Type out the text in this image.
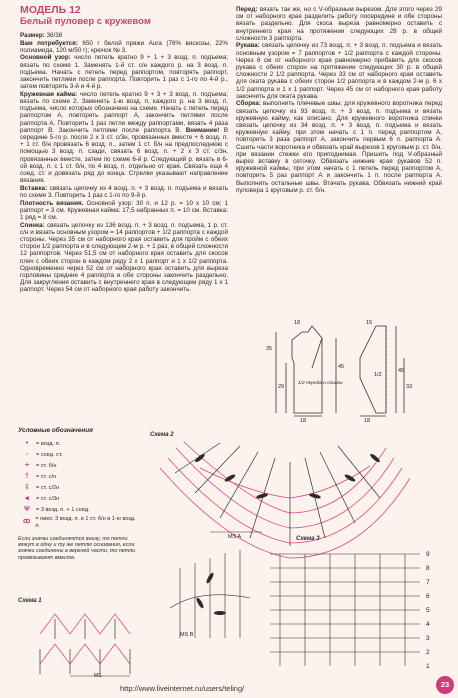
МОДЕЛЬ 12
Белый пуловер с кружевом

Размер: 36/38

Вам потребуется: 650 г белой пряжи Aura (78% вискозы, 22% полиамида, 120 м/50 г); крючок № 3.

Основной узор: число петель кратно 9 + 1 + 3 возд. п. подъема; вязать по схеме 1. Заменять 1-й ст. с/н каждого р. на 3 возд. п. подъема. Начать с петель перед раппортом, повторять раппорт, закончить петлями после раппорта. Повторить 1 раз с 1-го по 4-й р., затем повторять 3-й и 4-й р.

Кружевная кайма: число петель кратно 9 + 3 + 3 возд. п. подъема; вязать по схеме 2. Заменять 1-ю возд. п. каждого р. на 3 возд. п. подъема, число которых обозначено на схеме. Начать с петель перед раппортом А, повторять раппорт А, закончить петлями после раппорта А. Повторить 1 раз петли между раппортами, вязать 4 раза раппорт В. Закончить петлями после раппорта В. Внимание! В середине 5-го р. после 2 х 3 ст. с/3н, провязанных вместе + 6 возд. п. + 1 ст. б/н провязать 6 возд. п., затем 1 ст. б/н на предпоследнюю с помощью 3 возд. п. сзади, связать 6 возд. п. + 2 х 3 ст. с/3н, провязанных вместе, затем по схеме 6-й р. Следующий р. вязать в 6-ой возд. п. с 1 ст. б/н, по 4 возд. п. отдельно от края. Связать еще 4 соед. ст. и довязать ряд до конца. Стрелки указывают направление вязания.

Вставка: связать цепочку из 4 возд. п. + 3 возд. п. подъема и вязать по схеме 3. Повторить 1 раз с 1-го по 9-й р.

Плотность вязания. Основной узор: 30 п. и 12 р. = 10 х 10 см; 1 раппорт = 3 см. Кружевная кайма: 17,5 набранных п. = 10 см. Вставка: 1 ряд = 8 см.

Спинка: связать цепочку из 136 возд. п. + 3 возд. п. подъема, 1 р. ст. с/н и вязать основным узором = 14 раппортов + 1/2 раппорта с каждой стороны. Через 35 см от наборного края оставить для пройм с обеих сторон 1/2 раппорта и в следующем 2-м р. + 1 раз, в общей сложности 12 раппортов. Через 51,5 см от наборного края оставить для скосов плеч с обеих сторон в каждом ряду 2 х 1 раппорт и 1 х 1/2 раппорта. Одновременно через 52 см от наборного края оставить для выреза горловины средние 4 раппорта и обе стороны закончить раздельно. Для закругления оставить с внутреннего края в следующем ряду 1 х 1 раппорт. Через 54 см от наборного края работу закончить.

Перед: вязать так же, но с V-образным вырезом. Для этого через 29 см от наборного края разделить работу посередине и обе стороны вязать раздельно. Для скоса выреза равномерно оставить с внутреннего края на протяжении следующих 28 р. в общей сложности 3 раппорта.

Рукава: связать цепочку из 73 возд. п. + 3 возд. п. подъема и вязать основным узором = 7 раппортов + 1/2 раппорта с каждой стороны. Через 6 см от наборного края равномерно прибавить для скосов рукава с обеих сторон на протяжении следующих 30 р. в общей сложности 2 1/2 раппорта. Через 33 см от наборного края оставить для оката рукава с обеих сторон 1/2 раппорта и в каждом 2-м р. 6 х 1/2 раппорта и 1 х 1 раппорт. Через 45 см от наборного края работу закончить для оката рукава.

Сборка: выполнить плечевые швы; для кружевного воротника перед связать цепочку из 93 возд. п. + 3 возд. п. подъема и вязать кружевную кайму, как описано. Для кружевного воротника спинки связать цепочку из 34 возд. п. + 3 возд. п. подъема и вязать кружевную кайму, при этом начать с 1 п. перед раппортом А, повторить 3 раза раппорт А, закончить первым 6 п. раппорта А. Сшить части воротника и обвязать край вырезов 1 круговым р. ст. б/н, при вязании стежки его приподнимая. Пришить под V-образный вырез вставку в сеточку. Обвязать нижние края рукавов 52 п. кружевной каймы, при этом начать с 1 петель перед раппортом А, повторить 5 раз раппорт А и закончить 1 п. после раппорта А. Выполнить остальные швы. Втачать рукава. Обвязать нижний край пуловера 1 круговым р. ст. б/н.

18
35
29
18
45
15
45
33
18
1/2
1/2 переда и спинки
Условные обозначения
•	= возд. п.
◦	= соед. ст.
+	= ст. б/н
†	= ст. с/н
‡	= ст. с/2н
⫷	= ст. с/3н
Ψ	= 3 возд. п. + 1 соед.
ꝏ = пико: 3 возд. п. и 1 ст. б/н в 1-ю возд. п.
Если значки соединяются внизу, то петли вяжут в одну и ту же петлю основания, если значки соединены в верхней части, то петли провязывают вместе.
Схема 2
MS A
MS B
Схема 3
9
8
7
6
5
4
3
2
1
Схема 1
MS
http://www.liveinternet.ru/users/teling/	23
